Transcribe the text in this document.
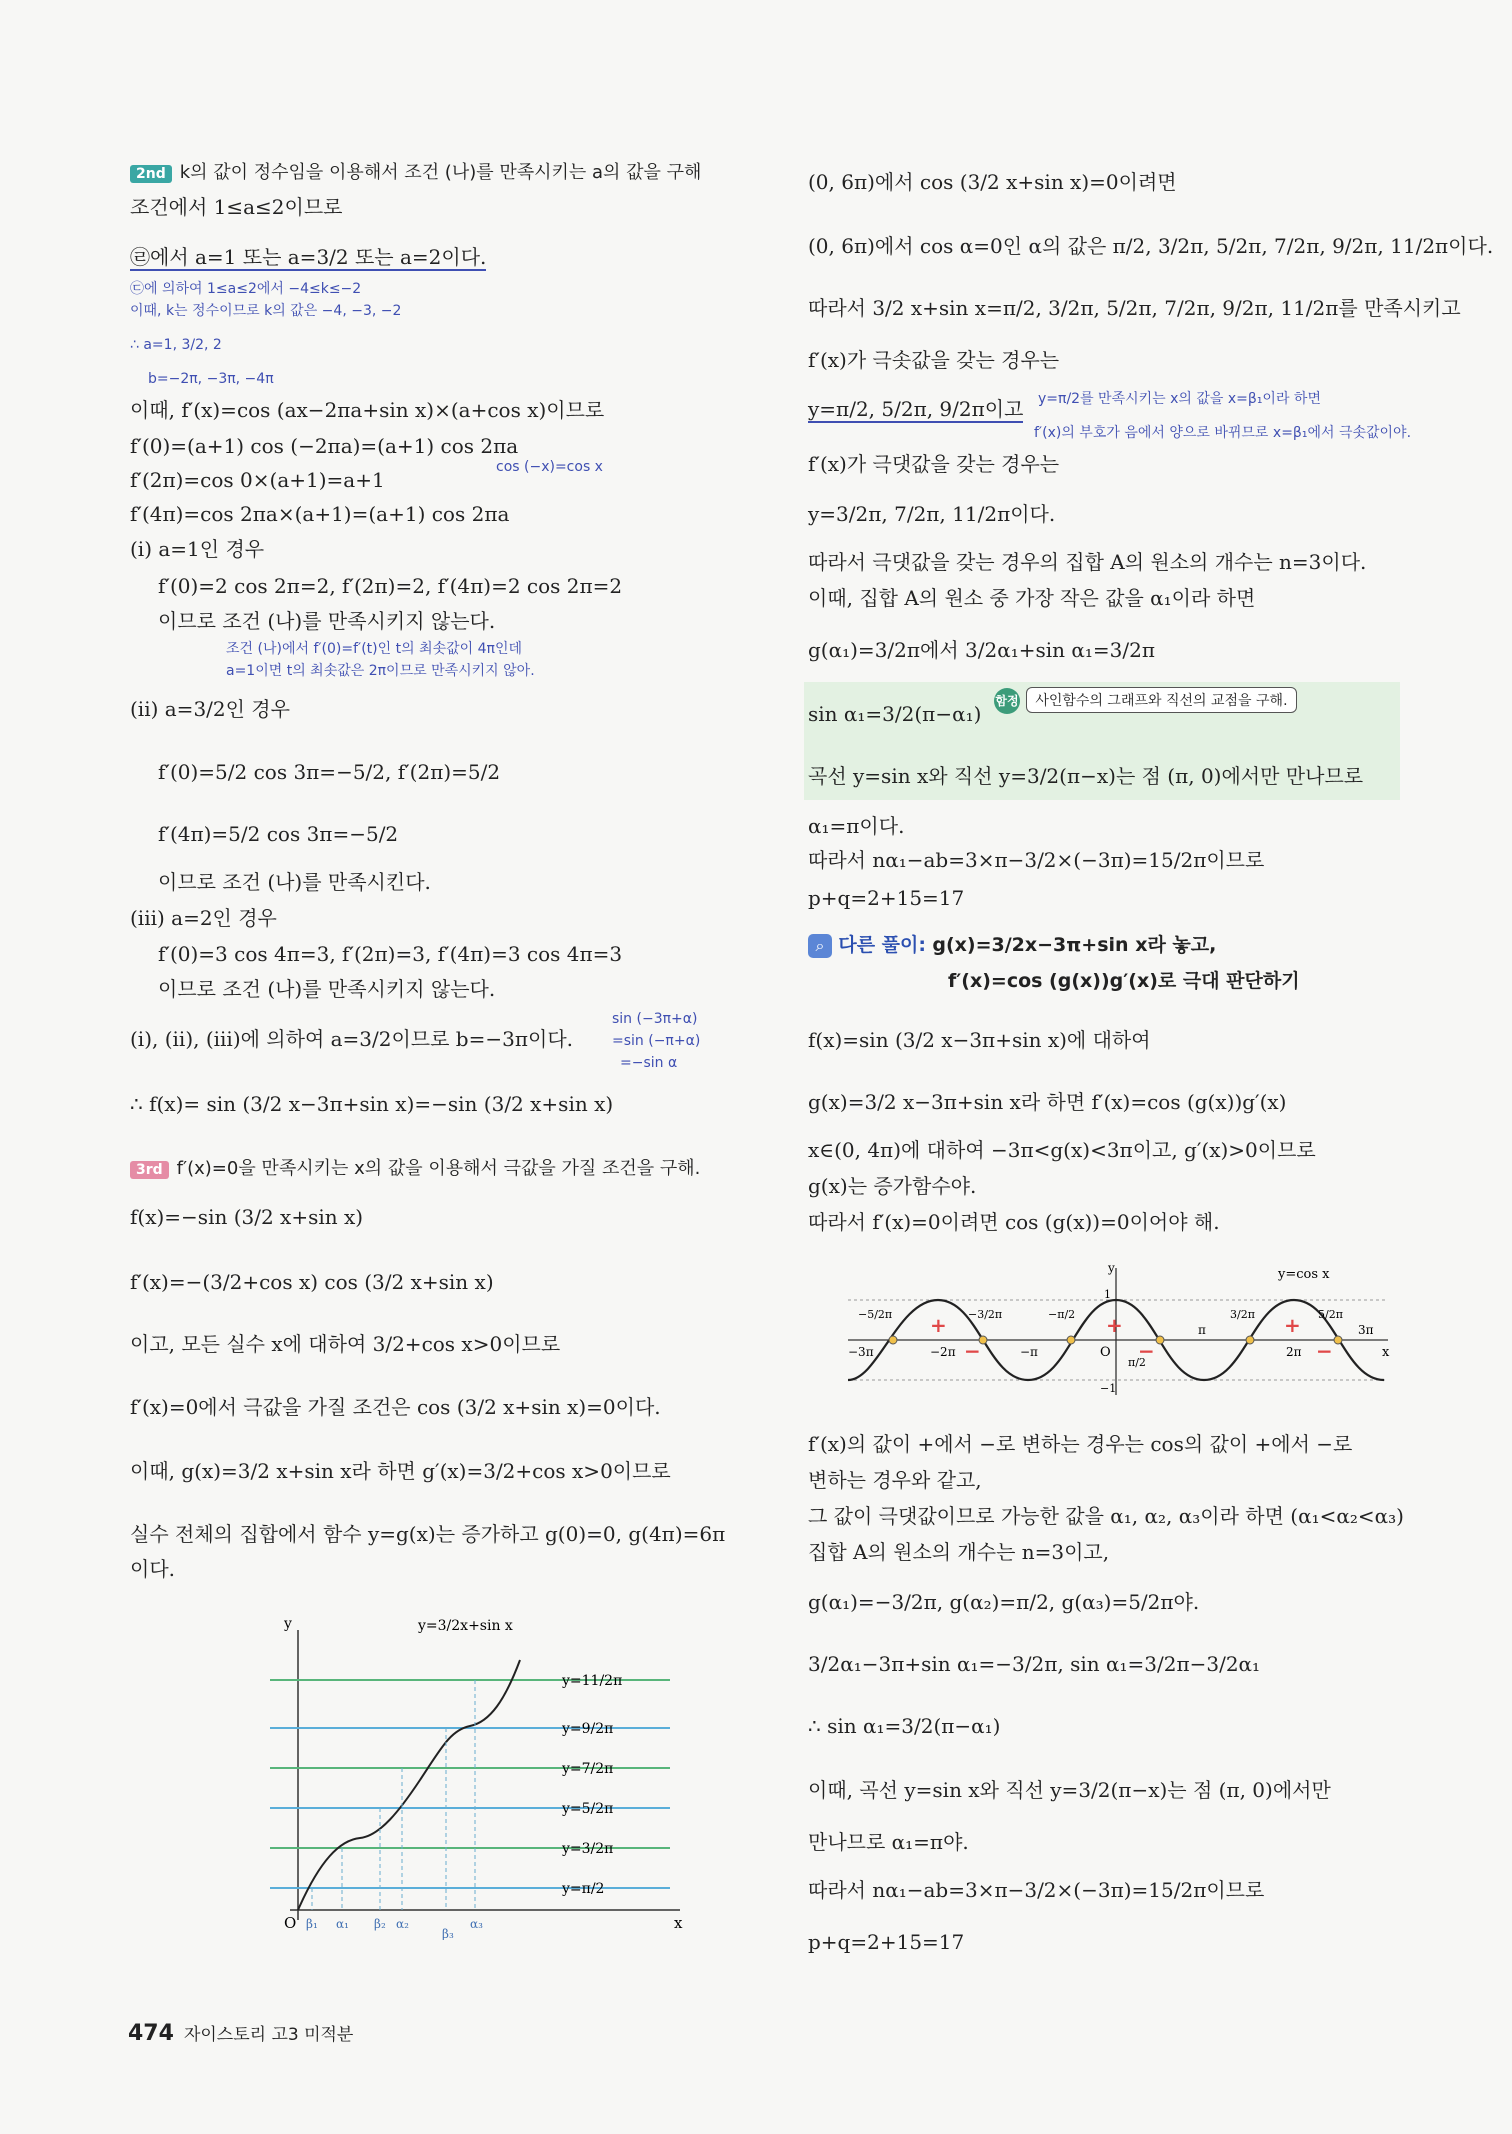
2nd k의 값이 정수임을 이용해서 조건 (나)를 만족시키는 a의 값을 구해
조건에서 1≤a≤2이므로
㉣에서 a=1 또는 a=3/2 또는 a=2이다.
㉢에 의하여 1≤a≤2에서 −4≤k≤−2
이때, k는 정수이므로 k의 값은 −4, −3, −2
∴ a=1, 3/2, 2
b=−2π, −3π, −4π
이때, f′(x)=cos (ax−2πa+sin x)×(a+cos x)이므로
f′(0)=(a+1) cos (−2πa)=(a+1) cos 2πa
cos (−x)=cos x
f′(2π)=cos 0×(a+1)=a+1
f′(4π)=cos 2πa×(a+1)=(a+1) cos 2πa
(i) a=1인 경우
f′(0)=2 cos 2π=2, f′(2π)=2, f′(4π)=2 cos 2π=2
이므로 조건 (나)를 만족시키지 않는다.
조건 (나)에서 f′(0)=f′(t)인 t의 최솟값이 4π인데
a=1이면 t의 최솟값은 2π이므로 만족시키지 않아.
(ii) a=3/2인 경우
f′(0)=5/2 cos 3π=−5/2, f′(2π)=5/2
f′(4π)=5/2 cos 3π=−5/2
이므로 조건 (나)를 만족시킨다.
(iii) a=2인 경우
f′(0)=3 cos 4π=3, f′(2π)=3, f′(4π)=3 cos 4π=3
이므로 조건 (나)를 만족시키지 않는다.
(i), (ii), (iii)에 의하여 a=3/2이므로 b=−3π이다.
sin (−3π+α)
=sin (−π+α)
=−sin α
∴ f(x)= sin (3/2 x−3π+sin x)=−sin (3/2 x+sin x)
3rd f′(x)=0을 만족시키는 x의 값을 이용해서 극값을 가질 조건을 구해.
f(x)=−sin (3/2 x+sin x)
f′(x)=−(3/2+cos x) cos (3/2 x+sin x)
이고, 모든 실수 x에 대하여 3/2+cos x>0이므로
f′(x)=0에서 극값을 가질 조건은 cos (3/2 x+sin x)=0이다.
이때, g(x)=3/2 x+sin x라 하면 g′(x)=3/2+cos x>0이므로
실수 전체의 집합에서 함수 y=g(x)는 증가하고 g(0)=0, g(4π)=6π
이다.
y=3/2x+sin x
y
y=11/2π
y=9/2π
y=7/2π
y=5/2π
y=3/2π
y=π/2
O β₁ α₁ β₂ α₂	α₃
β₃
x
(0, 6π)에서 cos (3/2 x+sin x)=0이려면
(0, 6π)에서 cos α=0인 α의 값은 π/2, 3/2π, 5/2π, 7/2π, 9/2π, 11/2π이다.
따라서 3/2 x+sin x=π/2, 3/2π, 5/2π, 7/2π, 9/2π, 11/2π를 만족시키고
f′(x)가 극솟값을 갖는 경우는
y=π/2, 5/2π, 9/2π이고 y=π/2를 만족시키는 x의 값을 x=β₁이라 하면
f′(x)의 부호가 음에서 양으로 바뀌므로 x=β₁에서 극솟값이야.
f′(x)가 극댓값을 갖는 경우는
y=3/2π, 7/2π, 11/2π이다.
따라서 극댓값을 갖는 경우의 집합 A의 원소의 개수는 n=3이다.
이때, 집합 A의 원소 중 가장 작은 값을 α₁이라 하면
g(α₁)=3/2π에서 3/2α₁+sin α₁=3/2π
sin α₁=3/2(π−α₁)
함정 사인함수의 그래프와 직선의 교점을 구해.
곡선 y=sin x와 직선 y=3/2(π−x)는 점 (π, 0)에서만 만나므로
α₁=π이다.
따라서 nα₁−ab=3×π−3/2×(−3π)=15/2π이므로
p+q=2+15=17
⌕ 다른 풀이: g(x)=3/2x−3π+sin x라 놓고,
f′(x)=cos (g(x))g′(x)로 극대 판단하기
f(x)=sin (3/2 x−3π+sin x)에 대하여
g(x)=3/2 x−3π+sin x라 하면 f′(x)=cos (g(x))g′(x)
x∈(0, 4π)에 대하여 −3π<g(x)<3π이고, g′(x)>0이므로
g(x)는 증가함수야.
따라서 f′(x)=0이려면 cos (g(x))=0이어야 해.
+
−
+
−
+
−
y=cos x
−5/2π	−3/2π	−π/2
π/2
3/2π	5/2π
−3π	−2π	−π	O
π
2π
3π
x
y
1
−1
f′(x)의 값이 +에서 −로 변하는 경우는 cos의 값이 +에서 −로
변하는 경우와 같고,
그 값이 극댓값이므로 가능한 값을 α₁, α₂, α₃이라 하면 (α₁<α₂<α₃)
집합 A의 원소의 개수는 n=3이고,
g(α₁)=−3/2π, g(α₂)=π/2, g(α₃)=5/2π야.
3/2α₁−3π+sin α₁=−3/2π, sin α₁=3/2π−3/2α₁
∴ sin α₁=3/2(π−α₁)
이때, 곡선 y=sin x와 직선 y=3/2(π−x)는 점 (π, 0)에서만
만나므로 α₁=π야.
따라서 nα₁−ab=3×π−3/2×(−3π)=15/2π이므로
p+q=2+15=17
474 자이스토리 고3 미적분
